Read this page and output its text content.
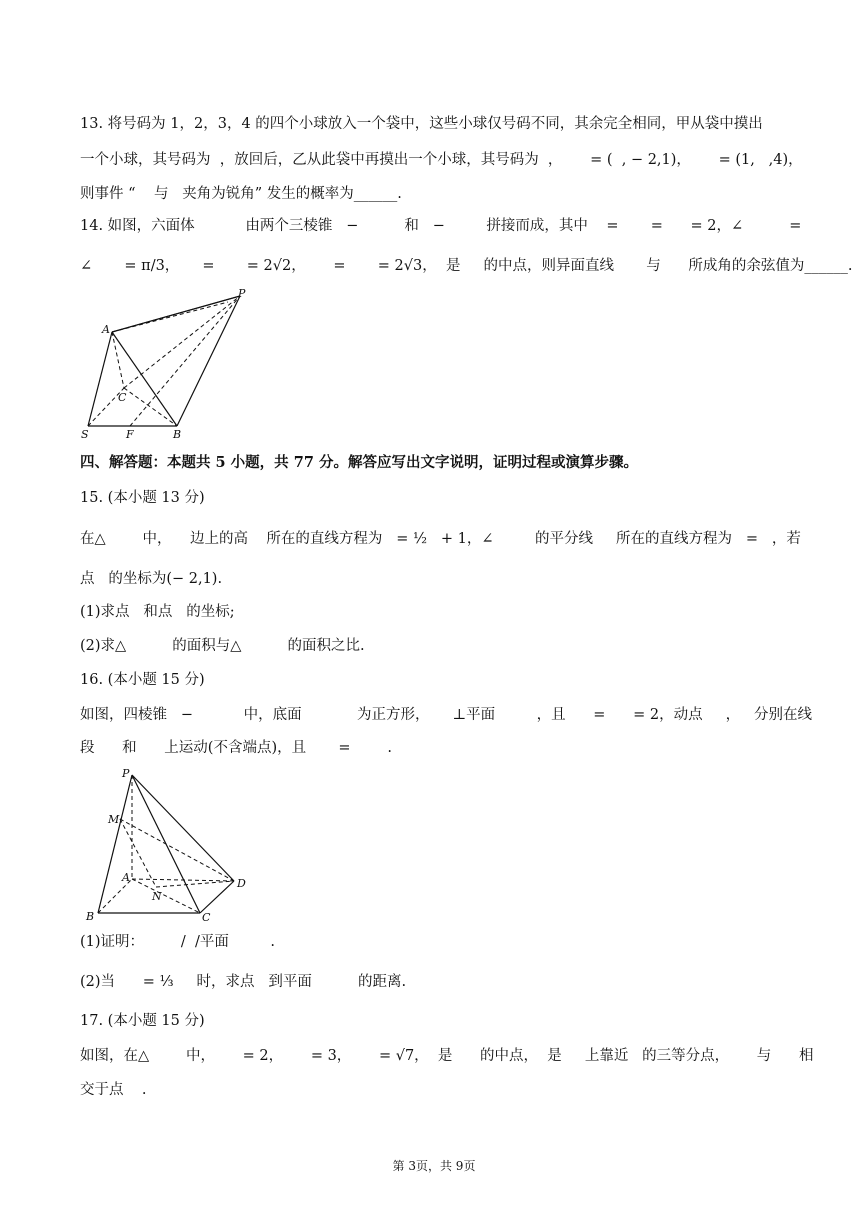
13. 将号码为 1，2，3，4 的四个小球放入一个袋中，这些小球仅号码不同，其余完全相同，甲从袋中摸出
一个小球，其号码为  ，放回后，乙从此袋中再摸出一个小球，其号码为  ，      = (  , − 2,1)，      = (1,   ,4)，
则事件 “    与   夹角为锐角” 发生的概率为______.
14. 如图，六面体           由两个三棱锥   −          和   −         拼接而成，其中    =       =      = 2，∠          =
∠       = π/3，     =       = 2√2，      =       = 2√3，  是     的中点，则异面直线       与      所成角的余弦值为______.
P
A
C
S	F	B
四、解答题：本题共 5 小题，共 77 分。解答应写出文字说明，证明过程或演算步骤。
15. (本小题 13 分)
在△        中，    边上的高    所在的直线方程为   = ½   + 1，∠         的平分线     所在的直线方程为   =   ，若
点   的坐标为(− 2,1).
(1)求点   和点   的坐标;
(2)求△          的面积与△          的面积之比.
16. (本小题 15 分)
如图，四棱锥   −           中，底面            为正方形，     ⊥平面         ，且      =      = 2，动点     ，   分别在线
段      和      上运动(不含端点)，且       =        .
P
M
A
N
D
B	C
(1)证明：        /  /平面         .
(2)当      = ⅓     时，求点   到平面          的距离.
17. (本小题 15 分)
如图，在△        中，      = 2，      = 3，      = √7，  是      的中点，  是     上靠近   的三等分点，      与      相
交于点    .
第 3页，共 9页
